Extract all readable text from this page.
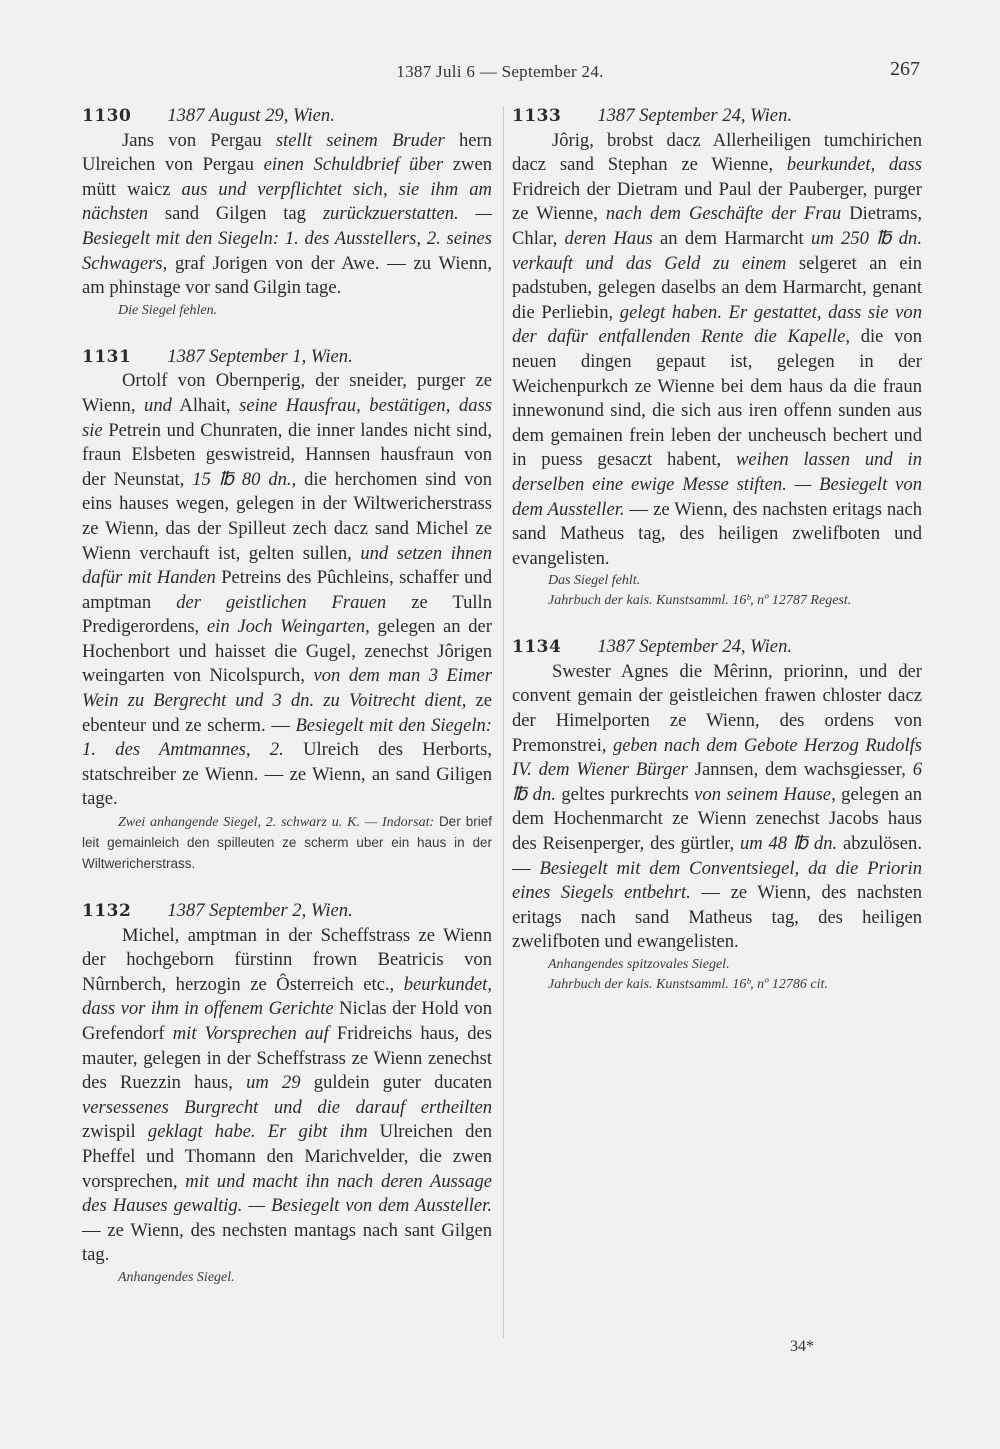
1387 Juli 6 — September 24.	267

1130 1387 August 29, Wien.

Jans von Pergau stellt seinem Bruder hern Ulreichen von Pergau einen Schuldbrief über zwen mütt waicz aus und verpflichtet sich, sie ihm am nächsten sand Gilgen tag zurückzuerstatten. — Besiegelt mit den Siegeln: 1. des Ausstellers, 2. seines Schwagers, graf Jorigen von der Awe. — zu Wienn, am phinstage vor sand Gilgin tage.

Die Siegel fehlen.

1131 1387 September 1, Wien.

Ortolf von Obernperig, der sneider, purger ze Wienn, und Alhait, seine Hausfrau, bestätigen, dass sie Petrein und Chunraten, die inner landes nicht sind, fraun Elsbeten geswistreid, Hannsen hausfraun von der Neunstat, 15 ℔ 80 dn., die herchomen sind von eins hauses wegen, gelegen in der Wiltwericherstrass ze Wienn, das der Spilleut zech dacz sand Michel ze Wienn verchauft ist, gelten sullen, und setzen ihnen dafür mit Handen Petreins des Pûchleins, schaffer und amptman der geistlichen Frauen ze Tulln Predigerordens, ein Joch Weingarten, gelegen an der Hochenbort und haisset die Gugel, zenechst Jôrigen weingarten von Nicolspurch, von dem man 3 Eimer Wein zu Bergrecht und 3 dn. zu Voitrecht dient, ze ebenteur und ze scherm. — Besiegelt mit den Siegeln: 1. des Amtmannes, 2. Ulreich des Herborts, statschreiber ze Wienn. — ze Wienn, an sand Giligen tage.

Zwei anhangende Siegel, 2. schwarz u. K. — Indorsat: Der brief leit gemainleich den spilleuten ze scherm uber ein haus in der Wiltwericherstrass.

1132 1387 September 2, Wien.

Michel, amptman in der Scheffstrass ze Wienn der hochgeborn fürstinn frown Beatricis von Nûrnberch, herzogin ze Ôsterreich etc., beurkundet, dass vor ihm in offenem Gerichte Niclas der Hold von Grefendorf mit Vorsprechen auf Fridreichs haus, des mauter, gelegen in der Scheffstrass ze Wienn zenechst des Ruezzin haus, um 29 guldein guter ducaten versessenes Burgrecht und die darauf ertheilten zwispil geklagt habe. Er gibt ihm Ulreichen den Pheffel und Thomann den Marichvelder, die zwen vorsprechen, mit und macht ihn nach deren Aussage des Hauses gewaltig. — Besiegelt von dem Aussteller. — ze Wienn, des nechsten mantags nach sant Gilgen tag.

Anhangendes Siegel.

1133 1387 September 24, Wien.

Jôrig, brobst dacz Allerheiligen tumchirichen dacz sand Stephan ze Wienne, beurkundet, dass Fridreich der Dietram und Paul der Pauberger, purger ze Wienne, nach dem Geschäfte der Frau Dietrams, Chlar, deren Haus an dem Harmarcht um 250 ℔ dn. verkauft und das Geld zu einem selgeret an ein padstuben, gelegen daselbs an dem Harmarcht, genant die Perliebin, gelegt haben. Er gestattet, dass sie von der dafür entfallenden Rente die Kapelle, die von neuen dingen gepaut ist, gelegen in der Weichenpurkch ze Wienne bei dem haus da die fraun innewonund sind, die sich aus iren offenn sunden aus dem gemainen frein leben der uncheusch bechert und in puess gesaczt habent, weihen lassen und in derselben eine ewige Messe stiften. — Besiegelt von dem Aussteller. — ze Wienn, des nachsten eritags nach sand Matheus tag, des heiligen zwelifboten und evangelisten.

Das Siegel fehlt.

Jahrbuch der kais. Kunstsamml. 16ᵇ, nº 12787 Regest.

1134 1387 September 24, Wien.

Swester Agnes die Mêrinn, priorinn, und der convent gemain der geistleichen frawen chloster dacz der Himelporten ze Wienn, des ordens von Premonstrei, geben nach dem Gebote Herzog Rudolfs IV. dem Wiener Bürger Jannsen, dem wachsgiesser, 6 ℔ dn. geltes purkrechts von seinem Hause, gelegen an dem Hochenmarcht ze Wienn zenechst Jacobs haus des Reisenperger, des gürtler, um 48 ℔ dn. abzulösen. — Besiegelt mit dem Conventsiegel, da die Priorin eines Siegels entbehrt. — ze Wienn, des nachsten eritags nach sand Matheus tag, des heiligen zwelifboten und ewangelisten.

Anhangendes spitzovales Siegel.

Jahrbuch der kais. Kunstsamml. 16ᵇ, nº 12786 cit.

34*
